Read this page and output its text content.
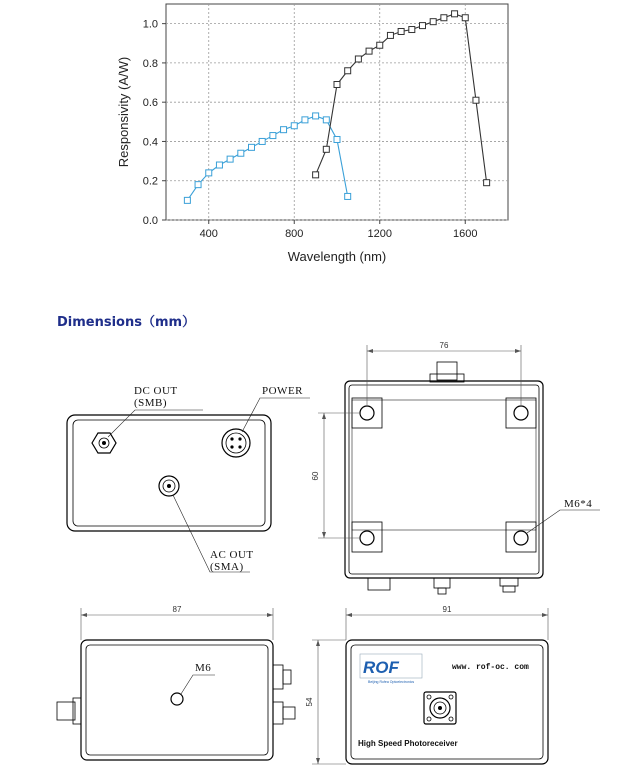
400	800	1200	1600
0.0
0.2
0.4
0.6
0.8
1.0
Wavelength (nm)
Responsivity (A/W)
DC OUT
(SMB)
POWER
AC OUT
(SMA)
76
60
M6*4
M6
87
ROF
Beijing Rofea Optoelectronics
www. rof-oc. com
High Speed Photoreceiver
91
54
Dimensions（mm）
